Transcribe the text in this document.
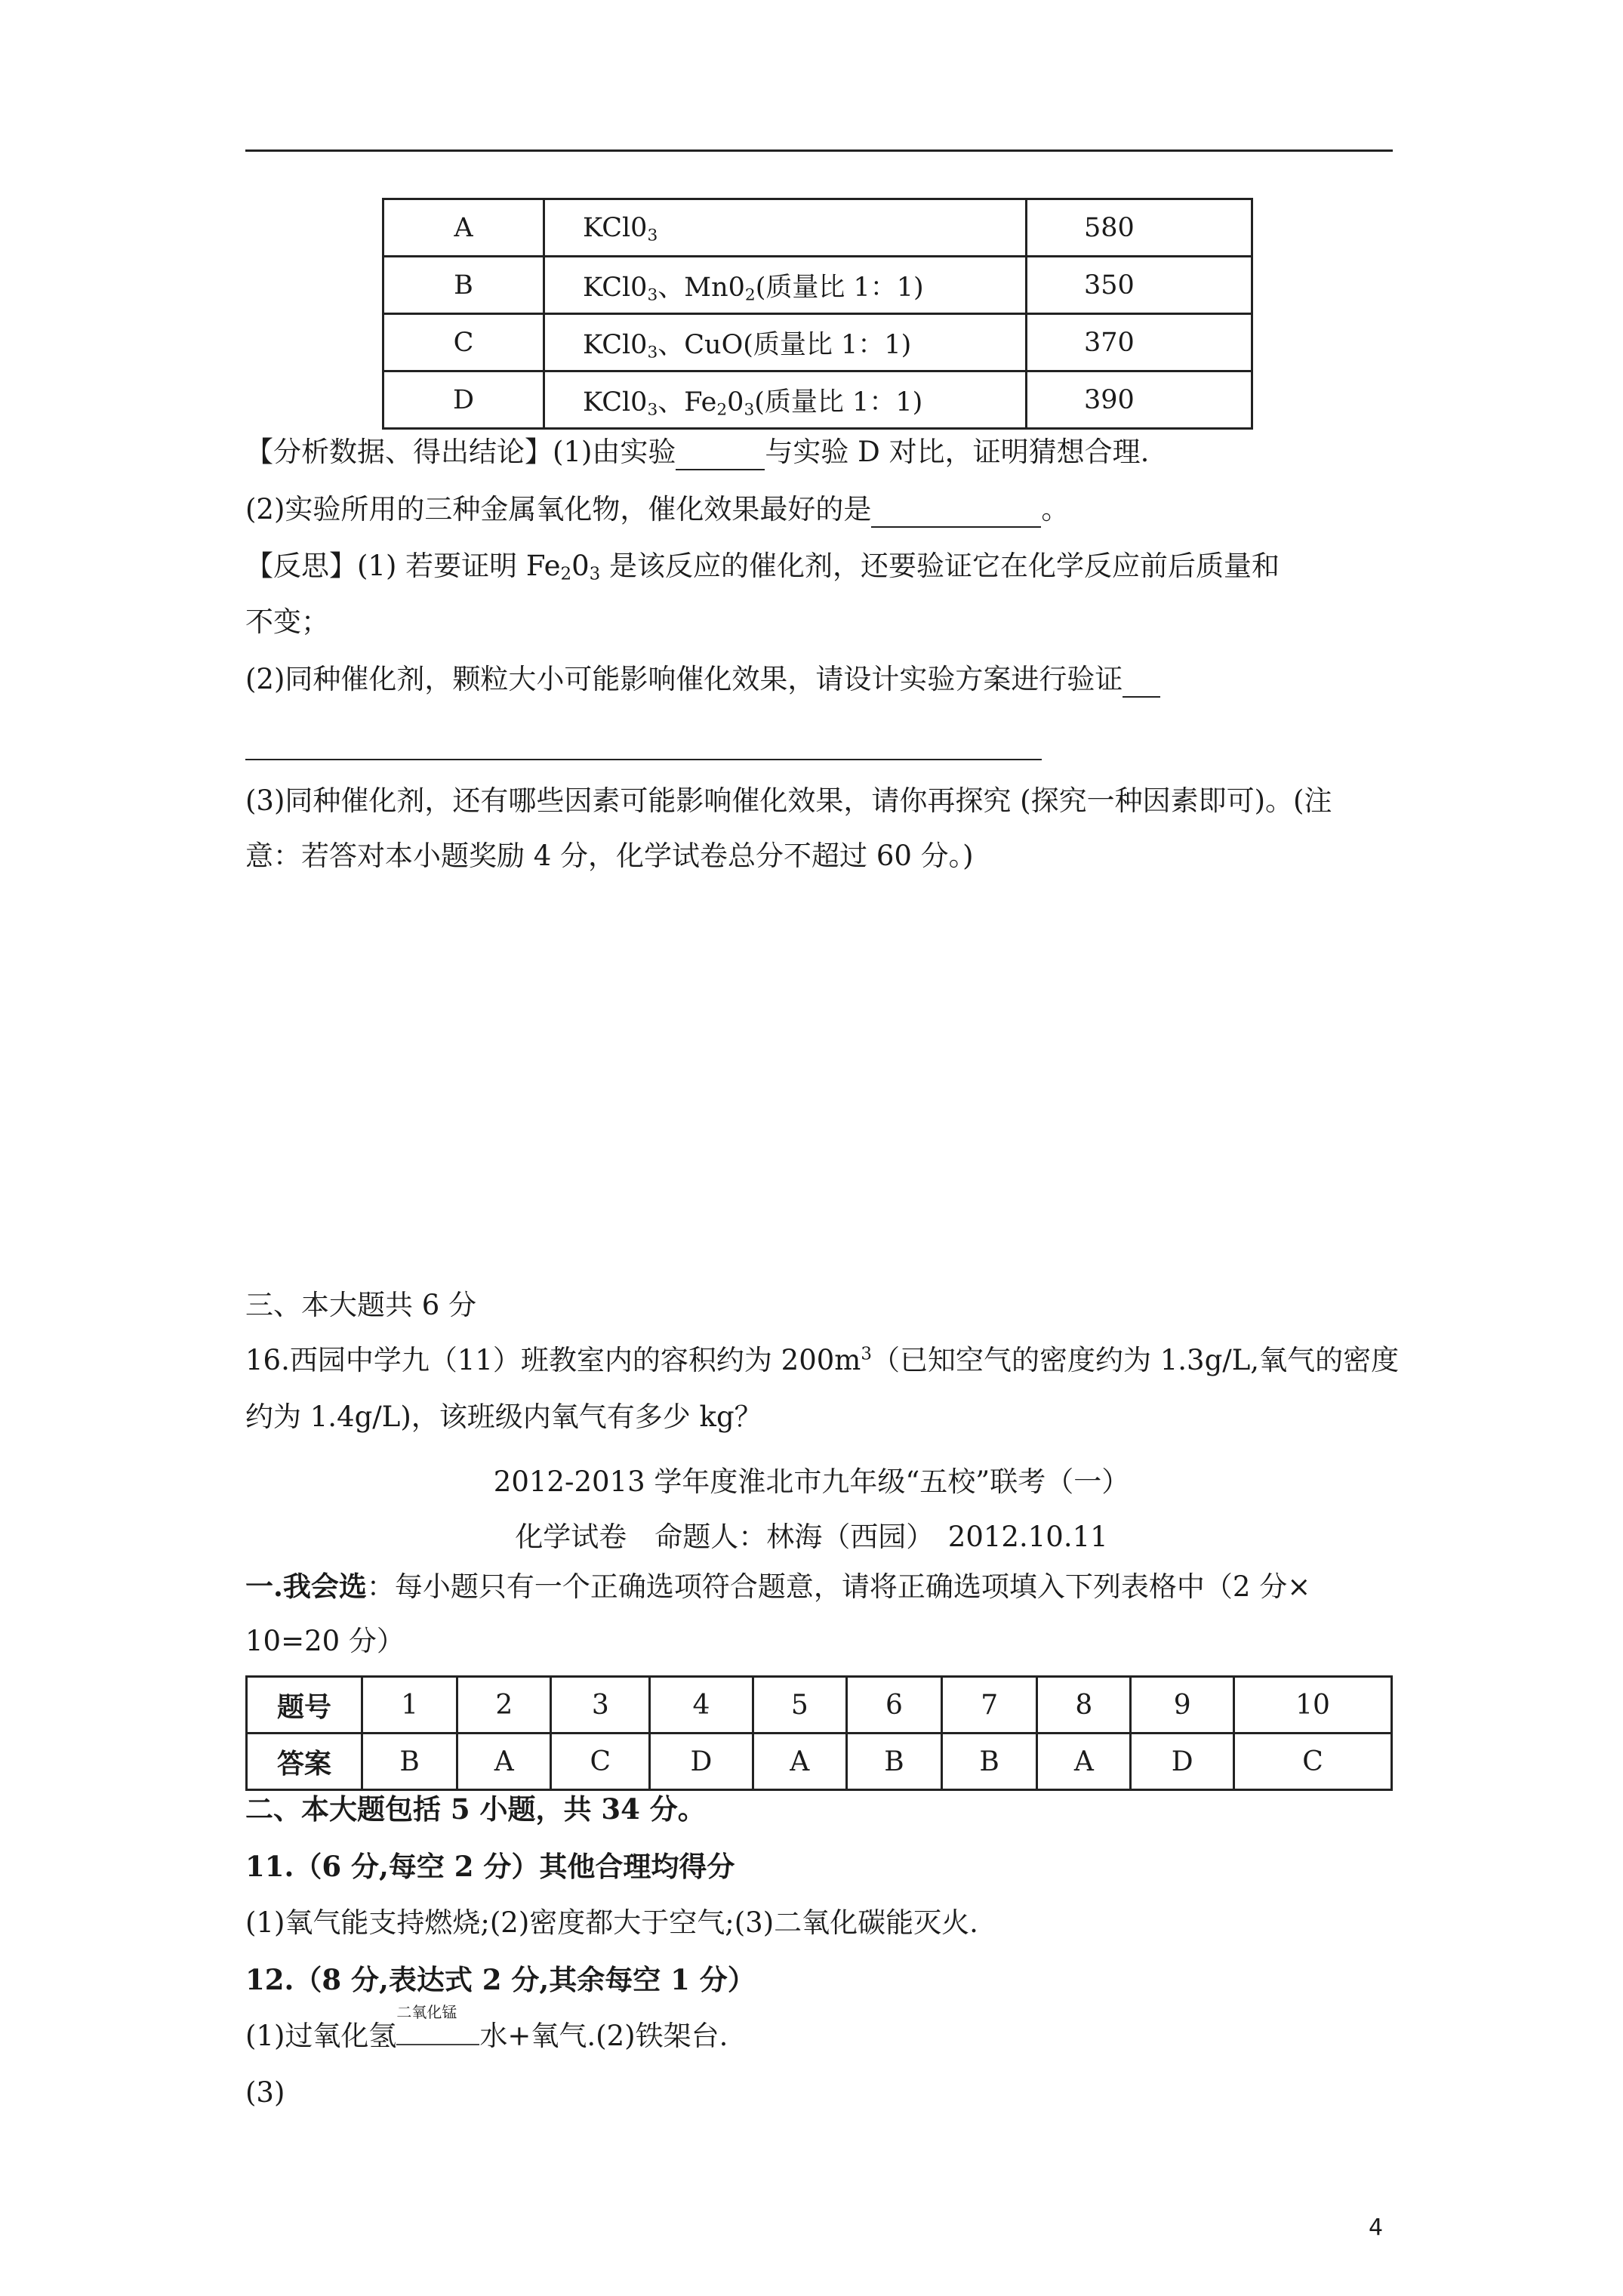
A	$KCl0_3$	580
B	$KCl0_3$、$Mn0_2$(质量比 1：1)	350
C	$KCl0_3$、CuO(质量比 1：1)	370
D	$KCl0_3$、$Fe_20_3$(质量比 1：1)	390
【分析数据、得出结论】(1)由实验	与实验 D 对比，证明猜想合理.
(2)实验所用的三种金属氧化物，催化效果最好的是	。
【反思】(1) 若要证明 $Fe_20_3$ 是该反应的催化剂，还要验证它在化学反应前后质量和
不变；
(2)同种催化剂，颗粒大小可能影响催化效果，请设计实验方案进行验证
(3)同种催化剂，还有哪些因素可能影响催化效果，请你再探究 (探究一种因素即可)。(注
意：若答对本小题奖励 4 分，化学试卷总分不超过 60 分。)
三、本大题共 6 分
16.西园中学九（11）班教室内的容积约为 $200m^3$（已知空气的密度约为 1.3g/L,氧气的密度
约为 1.4g/L)，该班级内氧气有多少 kg？
2012-2013 学年度淮北市九年级“五校”联考（一）
化学试卷　命题人：林海（西园）　2012.10.11
一.我会选：每小题只有一个正确选项符合题意，请将正确选项填入下列表格中（2 分×
10=20 分）
题号	1	2	3	4	5	6	7	8	9	10
答案	B	A	C	D	A	B	B	A	D	C
二、本大题包括 5 小题，共 34 分。
11.（6 分,每空 2 分）其他合理均得分
(1)氧气能支持燃烧;(2)密度都大于空气;(3)二氧化碳能灭火.
12.（8 分,表达式 2 分,其余每空 1 分）
(1)过氧化氢
二氧化锰
水+氧气.(2)铁架台.
(3)
4
